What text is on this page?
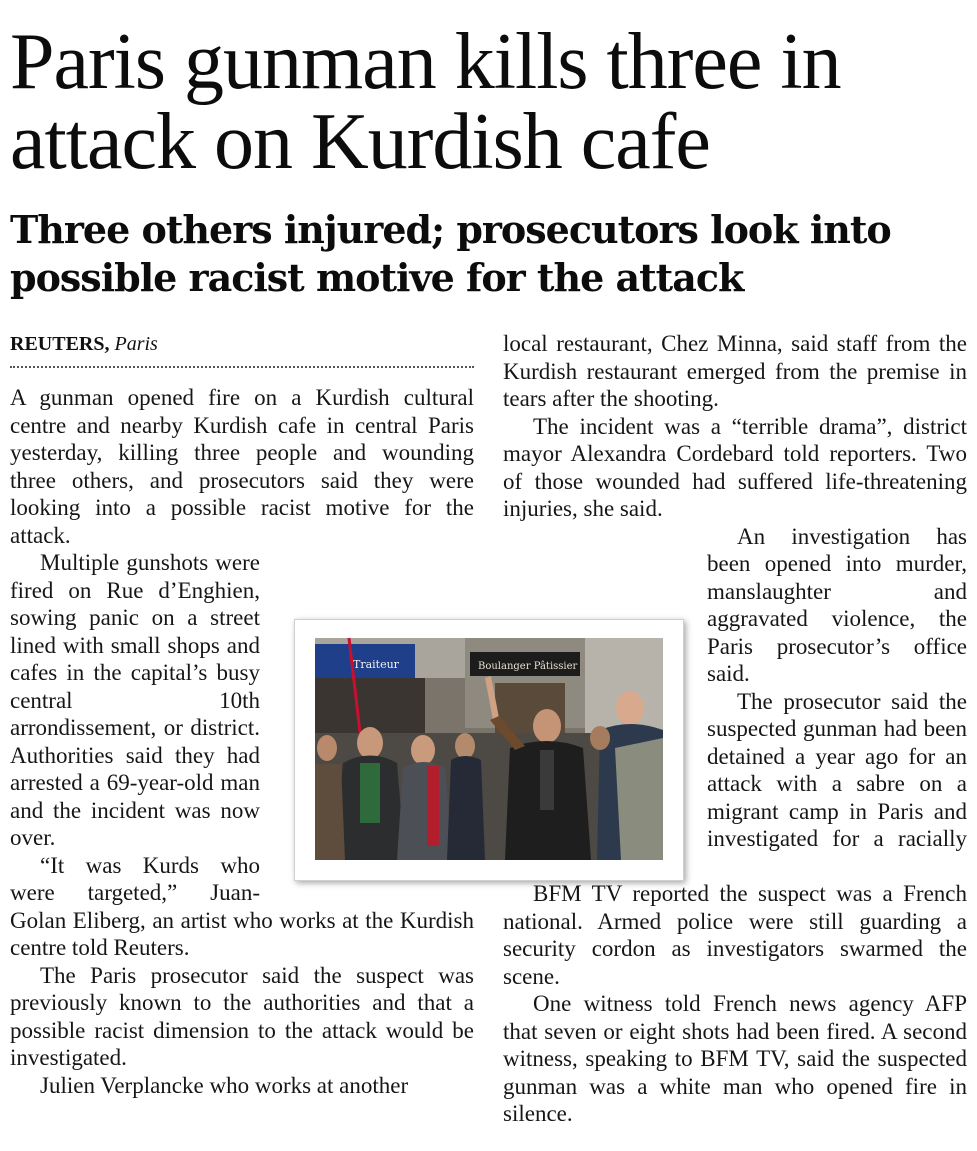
Paris gunman kills three in attack on Kurdish cafe
Three others injured; prosecutors look into possible racist motive for the attack
REUTERS, Paris

A gunman opened fire on a Kurdish cultural centre and nearby Kurdish cafe in central Paris yesterday, killing three people and wounding three others, and prosecutors said they were looking into a possible racist motive for the attack.

Multiple gunshots were fired on Rue d’Enghien, sowing panic on a street lined with small shops and cafes in the capital’s busy central 10th arrondissement, or district. Authorities said they had arrested a 69-year-old man and the incident was now over.

“It was Kurds who were targeted,” Juan-Golan Eliberg, an artist who works at the Kurdish centre told Reuters.

The Paris prosecutor said the suspect was previously known to the authorities and that a possible racist dimension to the attack would be investigated.

Julien Verplancke who works at another

local restaurant, Chez Minna, said staff from the Kurdish restaurant emerged from the premise in tears after the shooting.

The incident was a “terrible drama”, district mayor Alexandra Cordebard told reporters. Two of those wounded had suffered life-threatening injuries, she said.

An investigation has been opened into murder, manslaughter and aggravated violence, the Paris prosecutor’s office said.

The prosecutor said the suspected gunman had been detained a year ago for an attack with a sabre on a migrant camp in Paris and investigated for a racially

BFM TV reported the suspect was a French national. Armed police were still guarding a security cordon as investigators swarmed the scene.

One witness told French news agency AFP that seven or eight shots had been fired. A second witness, speaking to BFM TV, said the suspected gunman was a white man who opened fire in silence.

Traiteur	Boulanger Pâtissier
